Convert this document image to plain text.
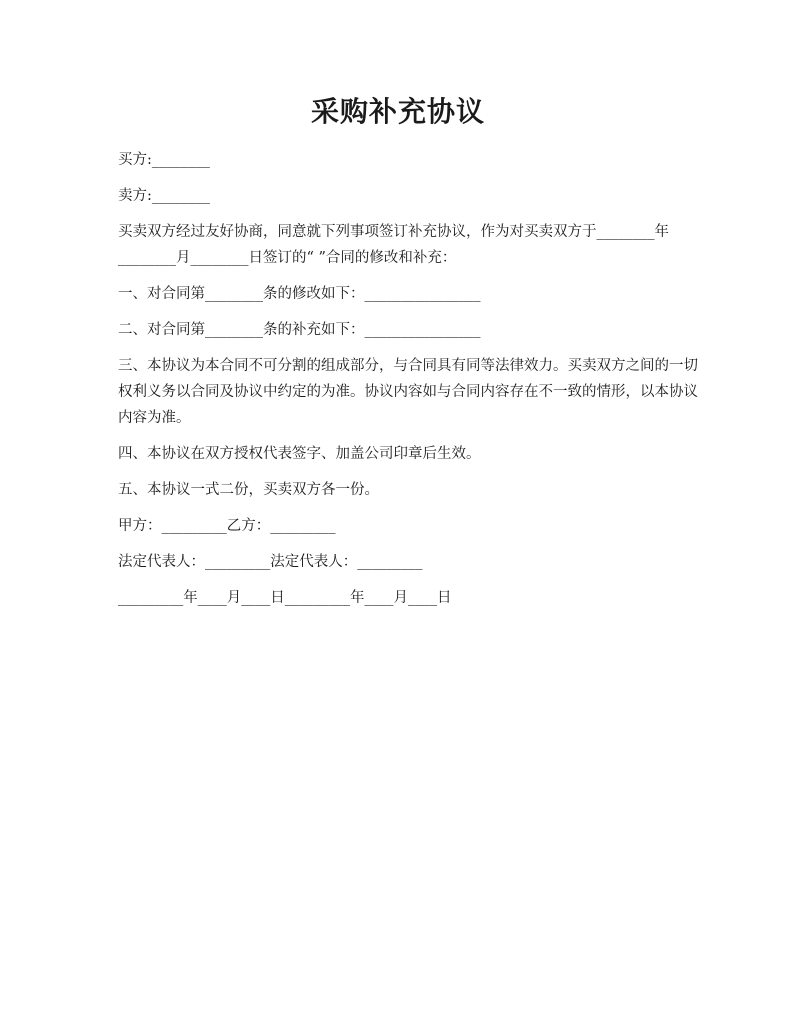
采购补充协议

买方:________

卖方:________

买卖双方经过友好协商，同意就下列事项签订补充协议，作为对买卖双方于________年________月________日签订的“ ”合同的修改和补充：

一、对合同第________条的修改如下：________________

二、对合同第________条的补充如下：________________

三、本协议为本合同不可分割的组成部分，与合同具有同等法律效力。买卖双方之间的一切权利义务以合同及协议中约定的为准。协议内容如与合同内容存在不一致的情形，以本协议内容为准。

四、本协议在双方授权代表签字、加盖公司印章后生效。

五、本协议一式二份，买卖双方各一份。

甲方：_________乙方：_________

法定代表人：_________法定代表人：_________

_________年____月____日_________年____月____日
